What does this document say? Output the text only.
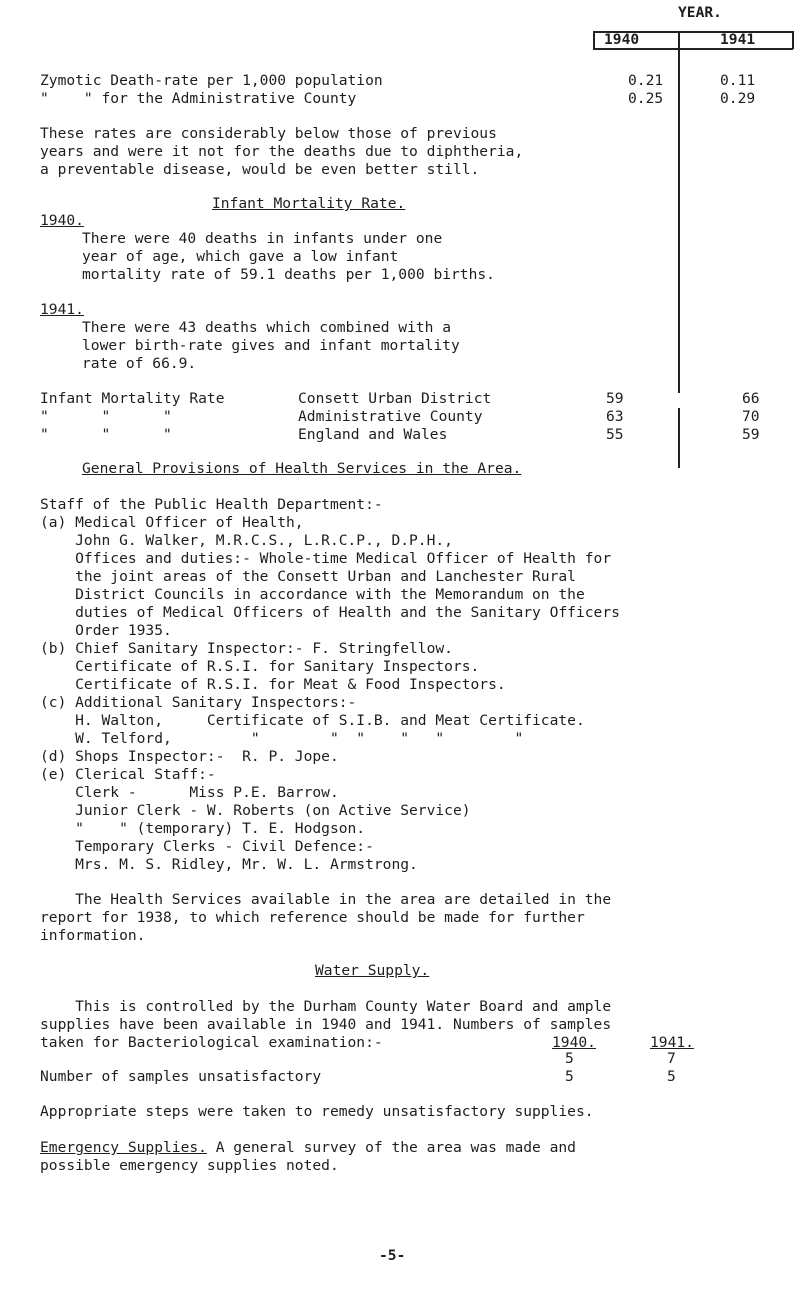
YEAR.
1940	1941
Zymotic Death-rate per 1,000 population	0.21	0.11
"    " for the Administrative County	0.25	0.29
These rates are considerably below those of previous
years and were it not for the deaths due to diphtheria,
a preventable disease, would be even better still.
Infant Mortality Rate.
1940.
There were 40 deaths in infants under one
year of age, which gave a low infant
mortality rate of 59.1 deaths per 1,000 births.
1941.
There were 43 deaths which combined with a
lower birth-rate gives and infant mortality
rate of 66.9.
Infant Mortality Rate	Consett Urban District	59	66
"      "      "	Administrative County	63	70
"      "      "	England and Wales	55	59
General Provisions of Health Services in the Area.
Staff of the Public Health Department:-
(a) Medical Officer of Health,
John G. Walker, M.R.C.S., L.R.C.P., D.P.H.,
Offices and duties:- Whole-time Medical Officer of Health for
the joint areas of the Consett Urban and Lanchester Rural
District Councils in accordance with the Memorandum on the
duties of Medical Officers of Health and the Sanitary Officers
Order 1935.
(b) Chief Sanitary Inspector:- F. Stringfellow.
Certificate of R.S.I. for Sanitary Inspectors.
Certificate of R.S.I. for Meat & Food Inspectors.
(c) Additional Sanitary Inspectors:-
H. Walton,     Certificate of S.I.B. and Meat Certificate.
W. Telford,         "        "  "    "   "        "
(d) Shops Inspector:-  R. P. Jope.
(e) Clerical Staff:-
Clerk -      Miss P.E. Barrow.
Junior Clerk - W. Roberts (on Active Service)
"    " (temporary) T. E. Hodgson.
Temporary Clerks - Civil Defence:-
Mrs. M. S. Ridley, Mr. W. L. Armstrong.
The Health Services available in the area are detailed in the
report for 1938, to which reference should be made for further
information.
Water Supply.
This is controlled by the Durham County Water Board and ample
supplies have been available in 1940 and 1941. Numbers of samples
taken for Bacteriological examination:-	1940.	1941.
5	7
Number of samples unsatisfactory	5	5
Appropriate steps were taken to remedy unsatisfactory supplies.
Emergency Supplies. A general survey of the area was made and
possible emergency supplies noted.
-5-
